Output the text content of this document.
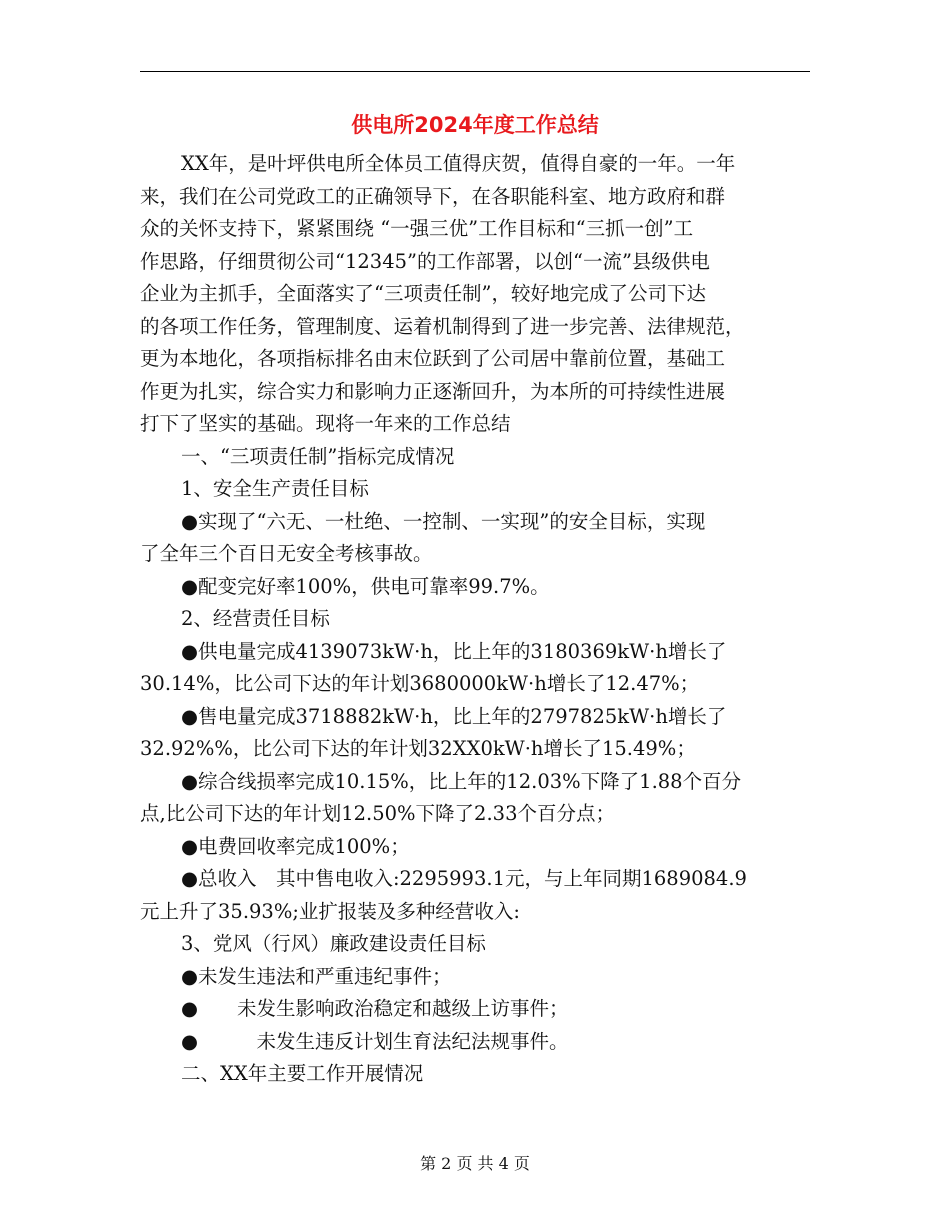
供电所2024年度工作总结
XX年，是叶坪供电所全体员工值得庆贺，值得自豪的一年。一年
来，我们在公司党政工的正确领导下，在各职能科室、地方政府和群
众的关怀支持下，紧紧围绕 “一强三优”工作目标和“三抓一创”工
作思路，仔细贯彻公司“12345”的工作部署，以创“一流”县级供电
企业为主抓手，全面落实了“三项责任制”，较好地完成了公司下达
的各项工作任务，管理制度、运着机制得到了进一步完善、法律规范，
更为本地化，各项指标排名由末位跃到了公司居中靠前位置，基础工
作更为扎实，综合实力和影响力正逐渐回升，为本所的可持续性进展
打下了坚实的基础。现将一年来的工作总结
一、“三项责任制”指标完成情况
1、安全生产责任目标
●实现了“六无、一杜绝、一控制、一实现”的安全目标，实现
了全年三个百日无安全考核事故。
●配变完好率100%，供电可靠率99.7%。
2、经营责任目标
●供电量完成4139073kW·h，比上年的3180369kW·h增长了
30.14%，比公司下达的年计划3680000kW·h增长了12.47%；
●售电量完成3718882kW·h，比上年的2797825kW·h增长了
32.92%%，比公司下达的年计划32XX0kW·h增长了15.49%；
●综合线损率完成10.15%，比上年的12.03%下降了1.88个百分
点,比公司下达的年计划12.50%下降了2.33个百分点；
●电费回收率完成100%；
●总收入　其中售电收入:2295993.1元，与上年同期1689084.9
元上升了35.93%;业扩报装及多种经营收入:
3、党风（行风）廉政建设责任目标
●未发生违法和严重违纪事件；
●　　未发生影响政治稳定和越级上访事件；
●　　　未发生违反计划生育法纪法规事件。
二、XX年主要工作开展情况
第 2 页 共 4 页
